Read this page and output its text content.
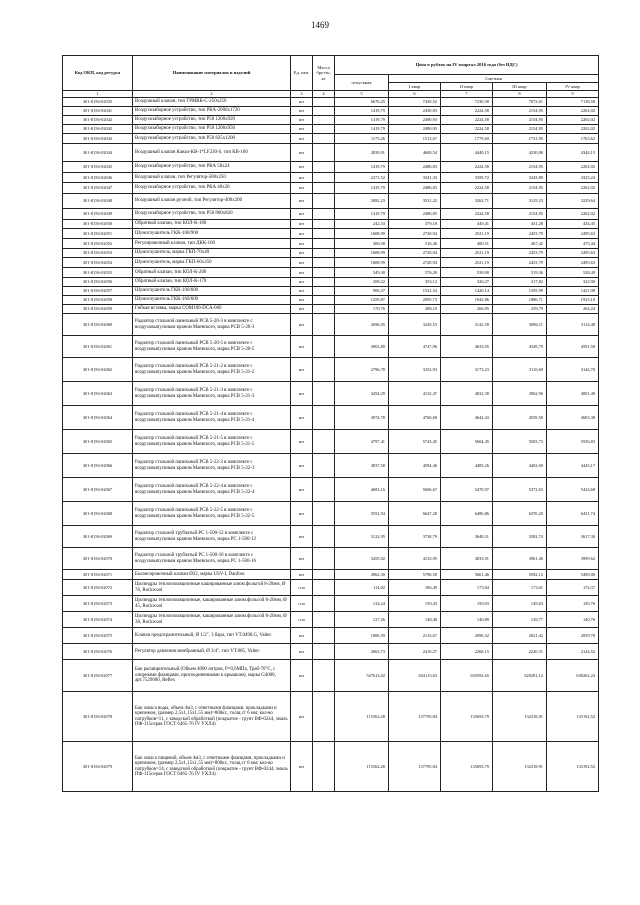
1469
Код ОКП, код ресурса	Наименование материалов и изделий	Ед. изм.	Масса брутто, кг	Цена в рублях на IV квартал 2016 года (без НДС)				
				отпускная	Сметная			
					I квар	II квар	III квар	IV квар
1	2	3	4	5	6	7	8	9
301-8156-02035	Воздушный клапан, тип ГРМВК-С-250х250	шт		6676,25	7430,52	7230,58	7072,61	7138,58
301-8156-02041	Воздухозаборное устройство, тип РКА-2000х1720	шт		1419,79	2450,83	2224,58	2154,95	2202,02
301-8156-02042	Воздухозаборное устройство, тип Р50 1200х920	шт		1419,79	2490,93	2224,58	2154,95	2202,02
301-8156-02042	Воздухозаборное устройство, тип Р50 1200х950	шт		1419,79	2490,93	2224,58	2154,95	2202,02
301-8156-02043	Воздухозаборное устройство, тип Р50 825х1200	шт		1175,26	1513,67	1779,60	1731,95	1763,62
301-8156-02044	Воздушный клапан Канал-КВ-1*LF230-S, тип КВ-160	шт		2839,91	4600,54	4440,15	4230,86	4344,15
301-8156-02045	Воздухозаборное устройство, тип РКА 50х24	шт		1419,79	2486,83	2224,58	2154,95	2202,02
301-8156-02046	Воздушный клапан, тип Регулятор-500х250	шт		2271,52	3341,33	3359,72	3243,89	3323,24
301-8156-02047	Воздухозаборное устройство, тип РКА 40х20	шт		1419,79	2486,83	2224,58	2154,95	2202,02
301-8156-02048	Воздушный клапан ручной, тип Регулятор-400х200	шт		2082,23	3521,22	3262,71	3125,23	3229,64
301-8156-02049	Воздухозаборное устройство, тип Р50 800х820	шт		1419,79	2486,83	2224,58	2154,95	2202,02
301-8156-02050	Обратный клапан, тип КОЛ-К-100	шт		242,33	379,18	449,41	431,28	434,45
301-8156-02051	Шумоглушитель ГКК-160/900	шт		1608,99	2720,94	2521,19	2453,79	2495,63
301-8156-02052	Регулировочный клапан, тип ДКК-160	шт		306,58	516,46	480,51	467,42	475,44
301-8156-02053	Шумоглушитель, марка ГКП-70х40	шт		1608,99	2720,94	2521,19	2453,79	2495,63
301-8156-02054	Шумоглушитель, марка ГКП-60х350	шт		1608,99	2720,94	2521,19	2453,79	2495,63
301-8156-02055	Обратный клапан, тип КОЛ-К-200	шт		349,30	576,20	538,90	519,36	528,49
301-8156-02056	Обратный клапан, тип КОЛ-К-170	шт		208,22	353,12	326,27	317,82	322,90
301-8156-02057	Шумоглушитель ГКК-100/600	шт		906,37	1532,54	1420,14	1395,99	1421,98
301-8156-02058	Шумоглушитель ГКК-160/600	шт		1259,87	2095,73	1942,86	1886,71	1923,10
301-8156-02059	Гибкая вставка, марка СОМ100-DCA-060	шт		170,76	288,10	266,95	259,79	264,24
301-8156-02060	Радиатор стальной панельный РСВ 5-20-3 в комплекте с воздуховыпускным краном Маевского, марка РСВ 5-20-3	шт		2696,05	3220,53	3142,58	3086,11	3114,48
301-8156-02061	Радиатор стальной панельный РСВ 5-20-5 в комплекте с воздуховыпускным краном Маевского, марка РСВ 5-20-5	шт		3963,80	4747,96	4633,05	4549,79	4591,58
301-8156-02062	Радиатор стальной панельный РСВ 5-21-2 в комплекте с воздуховыпускным краном Маевского, марка РСВ 5-21-2	шт		2796,78	3252,93	3173,23	3116,60	3144,70
301-8156-02063	Радиатор стальной панельный РСВ 5-21-3 в комплекте с воздуховыпускным краном Маевского, марка РСВ 5-21-3	шт		3454,29	4132,47	4032,38	3962,96	4001,49
301-8156-02064	Радиатор стальной панельный РСВ 5-21-4 в комплекте с воздуховыпускным краном Маевского, марка РСВ 5-21-4	шт		3974,78	4760,60	4642,43	4559,58	4603,38
301-8156-02065	Радиатор стальной панельный РСВ 5-21-5 в комплекте с воздуховыпускным краном Маевского, марка РСВ 5-21-5	шт		4797,41	5743,45	5604,45	5503,73	5556,83
301-8156-02066	Радиатор стальной панельный РСВ 5-22-3 в комплекте с воздуховыпускным краном Маевского, марка РСВ 5-22-3	шт		3837,58	4594,46	4483,26	4402,69	4443,17
301-8156-02067	Радиатор стальной панельный РСВ 5-22-4 в комплекте с воздуховыпускным краном Маевского, марка РСВ 5-22-4	шт		4683,16	5606,67	5470,97	5372,63	5424,68
301-8156-02068	Радиатор стальной панельный РСВ 5-22-5 в комплекте с воздуховыпускным краном Маевского, марка РСВ 5-22-5	шт		5552,94	6647,28	6486,86	6370,20	6431,74
301-8156-02069	Радиатор стальной трубчатый РС 1-500-12 в комплекте с воздуховыпускным краном Маевского, марка РС 1-500-12	шт		3122,95	3738,79	3648,31	3582,74	3617,30
301-8156-02070	Радиатор стальной трубчатый РС 1-500-16 в комплекте с воздуховыпускным краном Маевского, марка РС 1-500-16	шт		3455,02	4133,95	4033,91	3961,46	3999,62
301-8156-02071	Балансировочный клапан Ø32, марка USV-I, Danfoss	шт		4962,30	5796,50	5661,46	5592,12	5490,06
301-8156-02072	Цилиндры теплоизоляционные кашированные алюм.фольгой 8-20мм, Ø 76, Rockwool	п.м		114,02	186,49	175,04	173,61	174,37
301-8156-02073	Цилиндры теплоизоляционные, кашированные алюм.фольгой 8-20мм, Ø 45, Rockwool	п.м		134,24	159,43	150,93	149,63	150,76
301-8156-02074	Цилиндры теплоизоляционные, кашированные алюм.фольгой 8-20мм, Ø 38, Rockwool	п.м		127,26	148,40	140,89	139,77	140,76
301-8156-02075	Клапан предохранительный, Ø 1/2", 3 бара, тип VT.0490.G, Valtec	шт		1806,59	2133,67	2096,32	2021,42	2059,78
301-8156-02076	Регулятор давления мембранный, Ø 3/4", тип VT.085, Valtec	шт		2063,73	2410,27	2268,15	2220,31	2144,52
301-8156-02077	Бак расширительный (Объем 4000 литров, Р=0,6МПа, Траб-70°С, с опорными фланцами, присоединенными к крышкам), марка G4000, арт.7529600, Reflex	шт		547613,02	654115,63	635592,65	628281,12	630262,24
301-8156-02078	Бак запаса воды, объем 4м3, с ответными фланцами, прокладками и крепежом, (размер 2,5х1,15х1,55 мм)=800кг., толщ.ст 6 мм; кол-во патрубков=11, с заводской обработкой (покрытие - грунт ВФ-0244, эмаль ПФ-115серая ГОСТ 6465-76 IV УХЛ4)	шт		115362,28	137795,84	135693,79	132318,91	133192,52
301-8156-02079	Бак запаса пищевой, объем 4м3, с ответными фланцами, прокладками и крепежом, (размер 2,5х1,15х1,55 мм)=800кг., толщ.ст 6 мм; кол-во патрубков=14, с заводской обработкой (покрытие - грунт ВФ-0244, эмаль ПФ-115серая ГОСТ 6465-76 IV УХЛ4)	шт		115362,28	137795,84	135693,79	132318,91	133192,52
